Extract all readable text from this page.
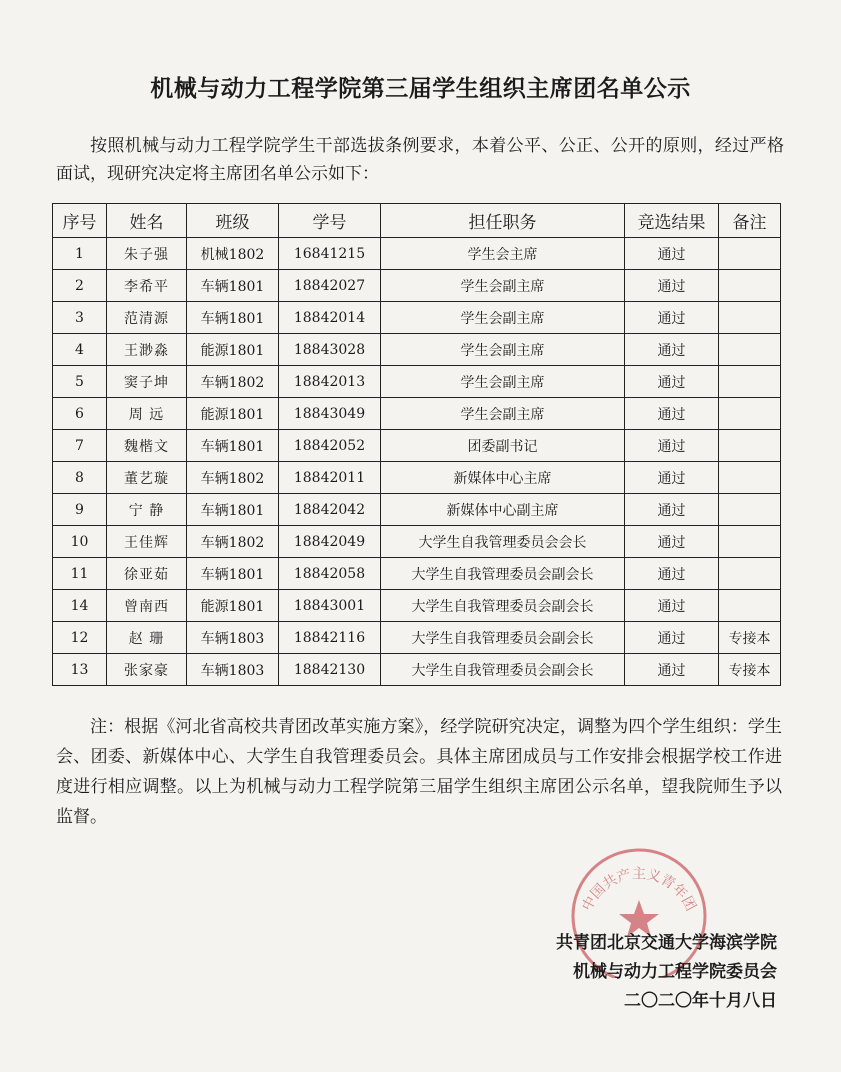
机械与动力工程学院第三届学生组织主席团名单公示
按照机械与动力工程学院学生干部选拔条例要求，本着公平、公正、公开的原则，经过严格面试，现研究决定将主席团名单公示如下：
序号	姓名	班级	学号	担任职务	竞选结果	备注
1	朱子强	机械1802	16841215	学生会主席	通过	
2	李希平	车辆1801	18842027	学生会副主席	通过	
3	范清源	车辆1801	18842014	学生会副主席	通过	
4	王渺淼	能源1801	18843028	学生会副主席	通过	
5	窦子坤	车辆1802	18842013	学生会副主席	通过	
6	周 远	能源1801	18843049	学生会副主席	通过	
7	魏楷文	车辆1801	18842052	团委副书记	通过	
8	董艺璇	车辆1802	18842011	新媒体中心主席	通过	
9	宁 静	车辆1801	18842042	新媒体中心副主席	通过	
10	王佳辉	车辆1802	18842049	大学生自我管理委员会会长	通过	
11	徐亚茹	车辆1801	18842058	大学生自我管理委员会副会长	通过	
14	曾南西	能源1801	18843001	大学生自我管理委员会副会长	通过	
12	赵 珊	车辆1803	18842116	大学生自我管理委员会副会长	通过	专接本
13	张家豪	车辆1803	18842130	大学生自我管理委员会副会长	通过	专接本
注：根据《河北省高校共青团改革实施方案》，经学院研究决定，调整为四个学生组织：学生会、团委、新媒体中心、大学生自我管理委员会。具体主席团成员与工作安排会根据学校工作进度进行相应调整。以上为机械与动力工程学院第三届学生组织主席团公示名单，望我院师生予以监督。
中国共产主义青年团
共青团北京交通大学海滨学院
机械与动力工程学院委员会
二〇二〇年十月八日
